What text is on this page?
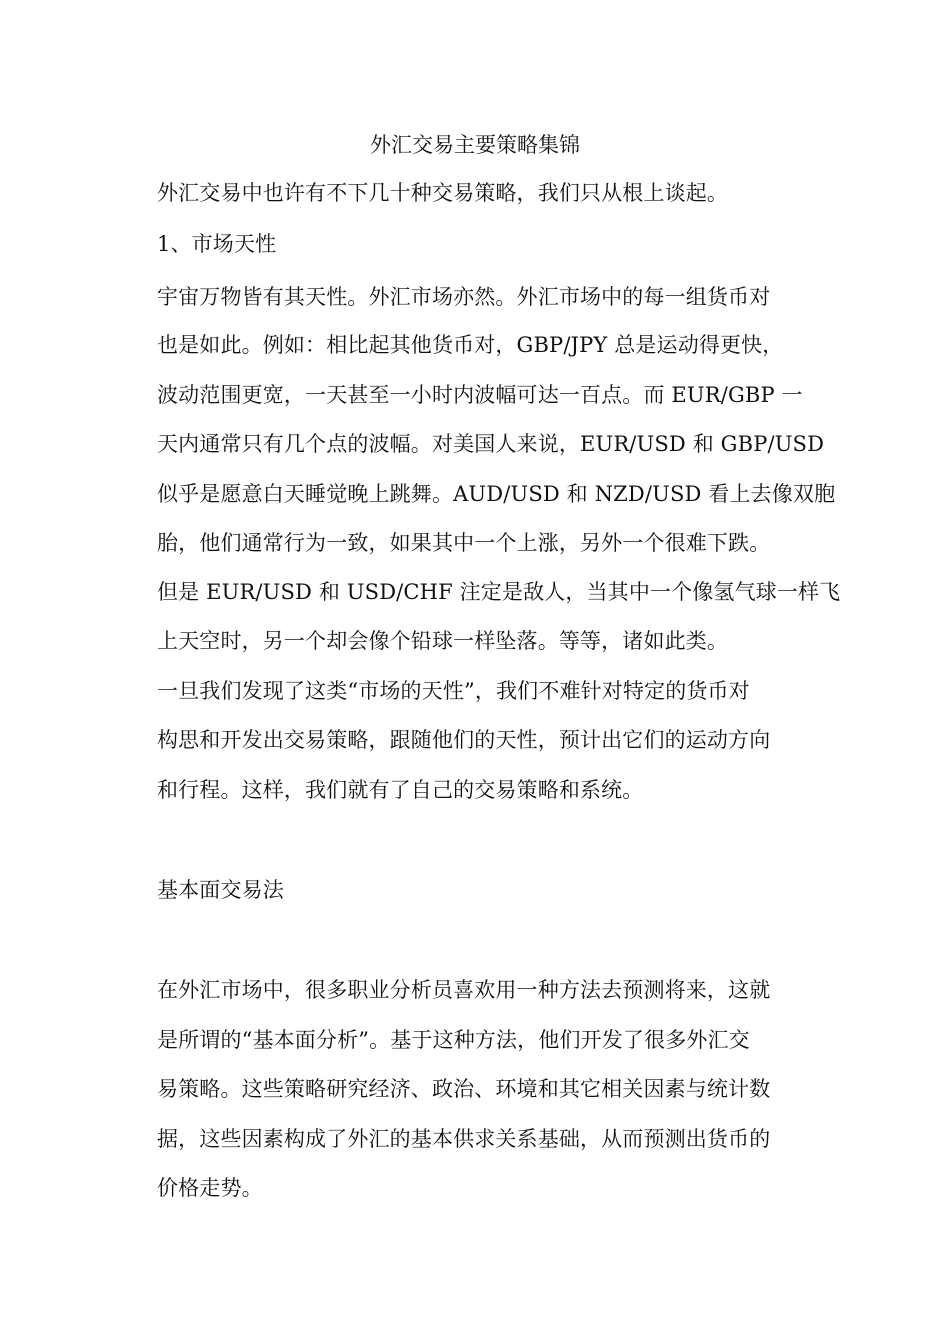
外汇交易主要策略集锦
外汇交易中也许有不下几十种交易策略，我们只从根上谈起。
1、市场天性
宇宙万物皆有其天性。外汇市场亦然。外汇市场中的每一组货币对
也是如此。例如：相比起其他货币对，GBP/JPY 总是运动得更快，
波动范围更宽，一天甚至一小时内波幅可达一百点。而 EUR/GBP 一
天内通常只有几个点的波幅。对美国人来说，EUR/USD 和 GBP/USD
似乎是愿意白天睡觉晚上跳舞。AUD/USD 和 NZD/USD 看上去像双胞
胎，他们通常行为一致，如果其中一个上涨，另外一个很难下跌。
但是 EUR/USD 和 USD/CHF 注定是敌人，当其中一个像氢气球一样飞
上天空时，另一个却会像个铅球一样坠落。等等，诸如此类。
一旦我们发现了这类“市场的天性”，我们不难针对特定的货币对
构思和开发出交易策略，跟随他们的天性，预计出它们的运动方向
和行程。这样，我们就有了自己的交易策略和系统。
基本面交易法
在外汇市场中，很多职业分析员喜欢用一种方法去预测将来，这就
是所谓的“基本面分析”。基于这种方法，他们开发了很多外汇交
易策略。这些策略研究经济、政治、环境和其它相关因素与统计数
据，这些因素构成了外汇的基本供求关系基础，从而预测出货币的
价格走势。
